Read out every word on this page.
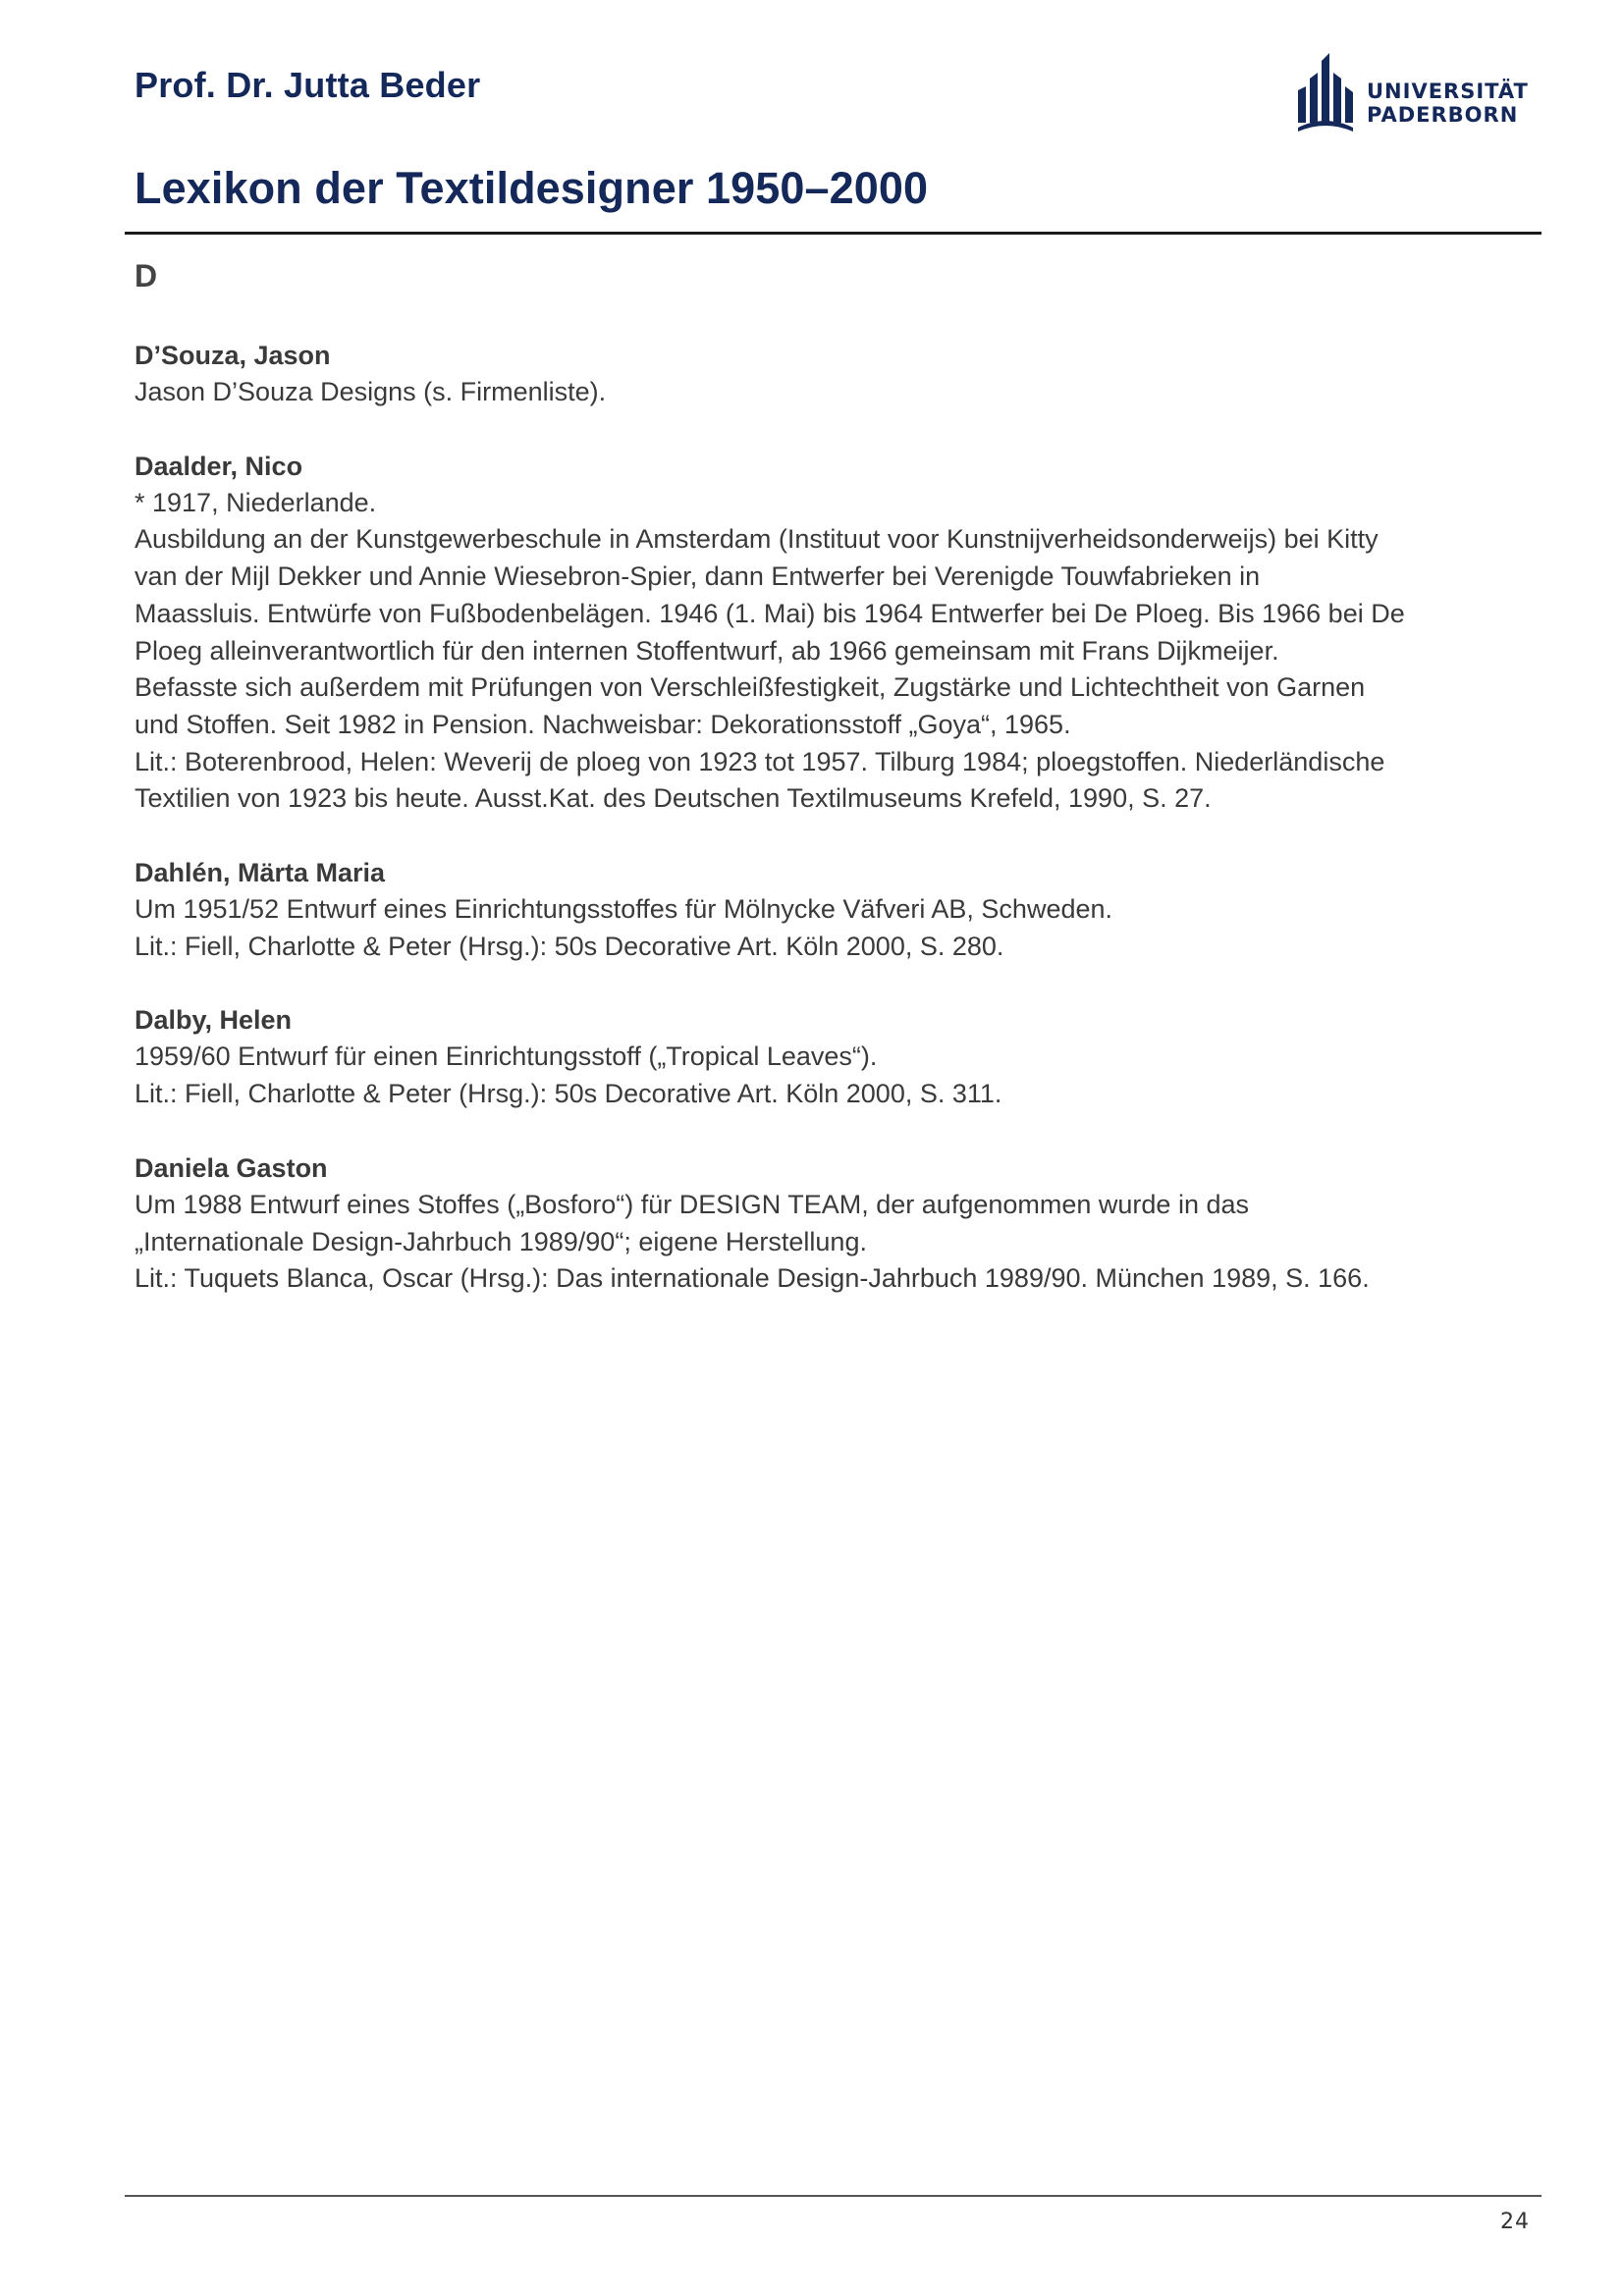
Prof. Dr. Jutta Beder	UNIVERSITÄT
PADERBORN
Lexikon der Textildesigner 1950–2000
D

D’Souza, Jason

Jason D’Souza Designs (s. Firmenliste).

Daalder, Nico

* 1917, Niederlande.

Ausbildung an der Kunstgewerbeschule in Amsterdam (Instituut voor Kunstnijverheidsonderweijs) bei Kitty

van der Mijl Dekker und Annie Wiesebron-Spier, dann Entwerfer bei Verenigde Touwfabrieken in

Maassluis. Entwürfe von Fußbodenbelägen. 1946 (1. Mai) bis 1964 Entwerfer bei De Ploeg. Bis 1966 bei De

Ploeg alleinverantwortlich für den internen Stoffentwurf, ab 1966 gemeinsam mit Frans Dijkmeijer.

Befasste sich außerdem mit Prüfungen von Verschleißfestigkeit, Zugstärke und Lichtechtheit von Garnen

und Stoffen. Seit 1982 in Pension. Nachweisbar: Dekorationsstoff „Goya“, 1965.

Lit.: Boterenbrood, Helen: Weverij de ploeg von 1923 tot 1957. Tilburg 1984; ploegstoffen. Niederländische

Textilien von 1923 bis heute. Ausst.Kat. des Deutschen Textilmuseums Krefeld, 1990, S. 27.

Dahlén, Märta Maria

Um 1951/52 Entwurf eines Einrichtungsstoffes für Mölnycke Väfveri AB, Schweden.

Lit.: Fiell, Charlotte & Peter (Hrsg.): 50s Decorative Art. Köln 2000, S. 280.

Dalby, Helen

1959/60 Entwurf für einen Einrichtungsstoff („Tropical Leaves“).

Lit.: Fiell, Charlotte & Peter (Hrsg.): 50s Decorative Art. Köln 2000, S. 311.

Daniela Gaston

Um 1988 Entwurf eines Stoffes („Bosforo“) für DESIGN TEAM, der aufgenommen wurde in das

„Internationale Design-Jahrbuch 1989/90“; eigene Herstellung.

Lit.: Tuquets Blanca, Oscar (Hrsg.): Das internationale Design-Jahrbuch 1989/90. München 1989, S. 166.

24
